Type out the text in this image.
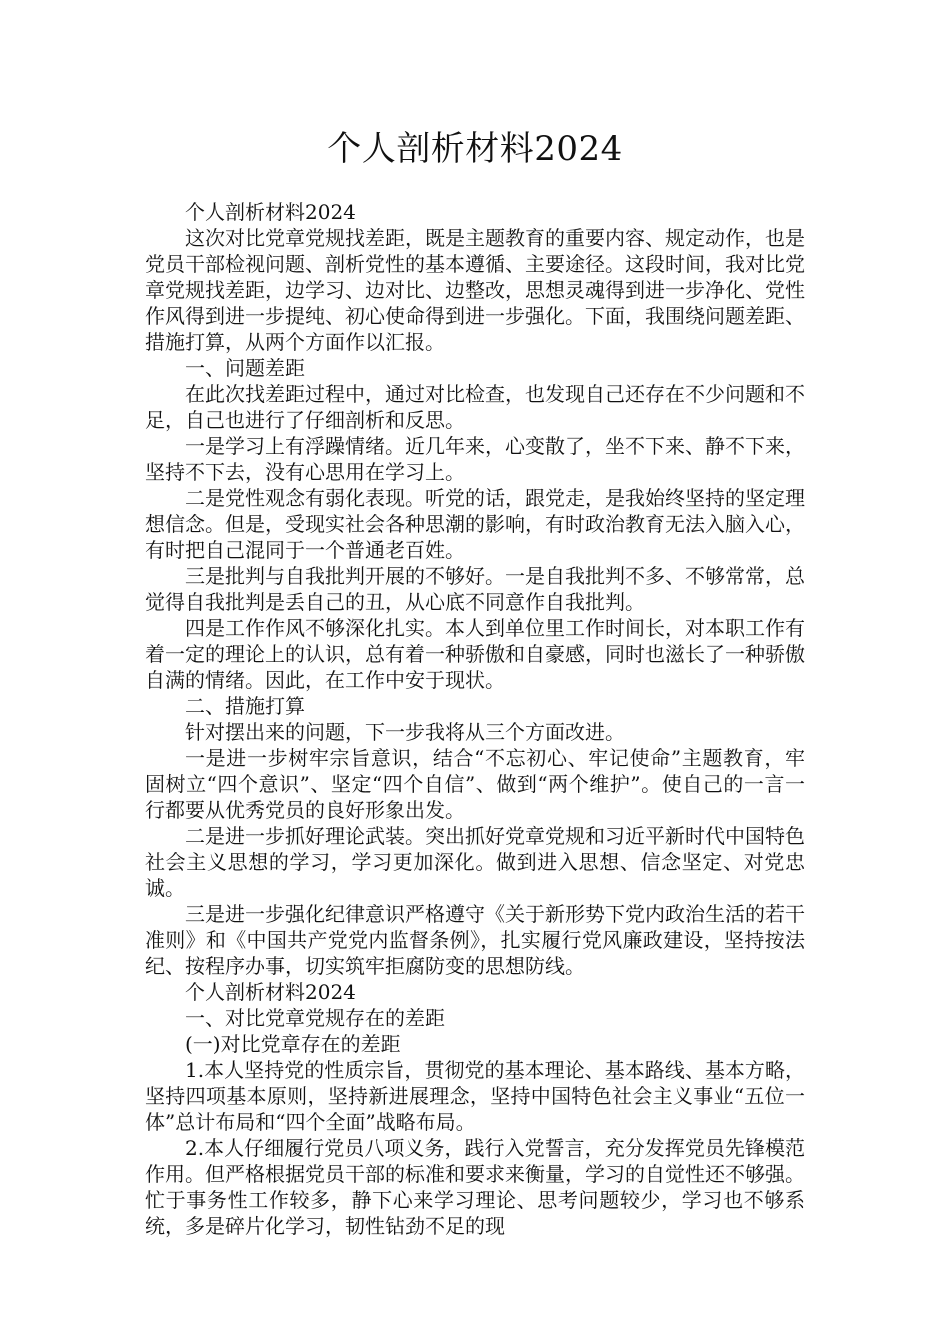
个人剖析材料2024

个人剖析材料2024

这次对比党章党规找差距，既是主题教育的重要内容、规定动作，也是党员干部检视问题、剖析党性的基本遵循、主要途径。这段时间，我对比党章党规找差距，边学习、边对比、边整改，思想灵魂得到进一步净化、党性作风得到进一步提纯、初心使命得到进一步强化。下面，我围绕问题差距、措施打算，从两个方面作以汇报。

一、问题差距

在此次找差距过程中，通过对比检查，也发现自己还存在不少问题和不足，自己也进行了仔细剖析和反思。

一是学习上有浮躁情绪。近几年来，心变散了，坐不下来、静不下来，坚持不下去，没有心思用在学习上。

二是党性观念有弱化表现。听党的话，跟党走，是我始终坚持的坚定理想信念。但是，受现实社会各种思潮的影响，有时政治教育无法入脑入心，有时把自己混同于一个普通老百姓。

三是批判与自我批判开展的不够好。一是自我批判不多、不够常常，总觉得自我批判是丢自己的丑，从心底不同意作自我批判。

四是工作作风不够深化扎实。本人到单位里工作时间长，对本职工作有着一定的理论上的认识，总有着一种骄傲和自豪感，同时也滋长了一种骄傲自满的情绪。因此，在工作中安于现状。

二、措施打算

针对摆出来的问题，下一步我将从三个方面改进。

一是进一步树牢宗旨意识，结合“不忘初心、牢记使命”主题教育，牢固树立“四个意识”、坚定“四个自信”、做到“两个维护”。使自己的一言一行都要从优秀党员的良好形象出发。

二是进一步抓好理论武装。突出抓好党章党规和习近平新时代中国特色社会主义思想的学习，学习更加深化。做到进入思想、信念坚定、对党忠诚。

三是进一步强化纪律意识严格遵守《关于新形势下党内政治生活的若干准则》和《中国共产党党内监督条例》，扎实履行党风廉政建设，坚持按法纪、按程序办事，切实筑牢拒腐防变的思想防线。

个人剖析材料2024

一、对比党章党规存在的差距

(一)对比党章存在的差距

1.本人坚持党的性质宗旨，贯彻党的基本理论、基本路线、基本方略，坚持四项基本原则，坚持新进展理念，坚持中国特色社会主义事业“五位一体”总计布局和“四个全面”战略布局。

2.本人仔细履行党员八项义务，践行入党誓言，充分发挥党员先锋模范作用。但严格根据党员干部的标准和要求来衡量，学习的自觉性还不够强。忙于事务性工作较多，静下心来学习理论、思考问题较少，学习也不够系统，多是碎片化学习，韧性钻劲不足的现
